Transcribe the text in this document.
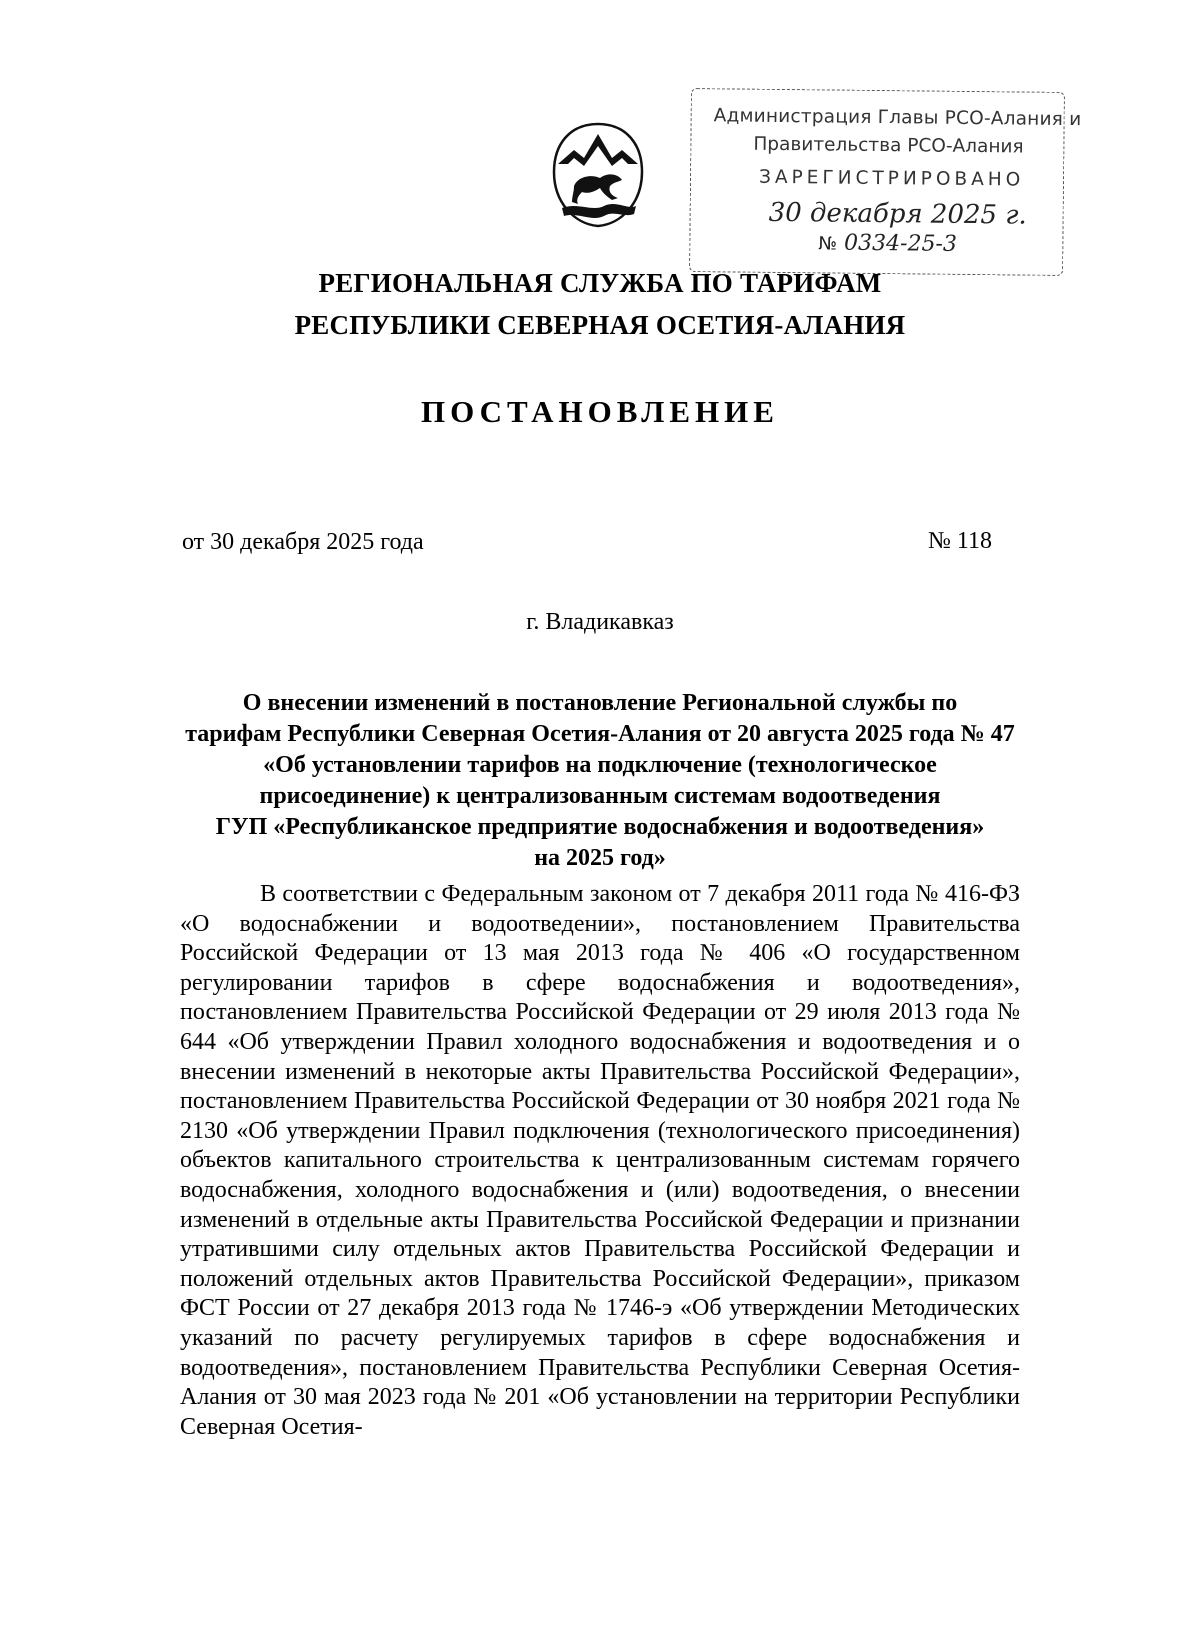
Администрация Главы РСО-Алания и
Правительства РСО-Алания
ЗАРЕГИСТРИРОВАНО
30 декабря 2025 г.
№ 0334-25-3
РЕГИОНАЛЬНАЯ СЛУЖБА ПО ТАРИФАМ
РЕСПУБЛИКИ СЕВЕРНАЯ ОСЕТИЯ-АЛАНИЯ
ПОСТАНОВЛЕНИЕ
от 30 декабря 2025 года	№ 118
г. Владикавказ
О внесении изменений в постановление Региональной службы по
тарифам Республики Северная Осетия-Алания от 20 августа 2025 года № 47
«Об установлении тарифов на подключение (технологическое
присоединение) к централизованным системам водоотведения
ГУП «Республиканское предприятие водоснабжения и водоотведения»
на 2025 год»

В соответствии с Федеральным законом от 7 декабря 2011 года № 416-ФЗ «О водоснабжении и водоотведении», постановлением Правительства Российской Федерации от 13 мая 2013 года № 406 «О государственном регулировании тарифов в сфере водоснабжения и водоотведения», постановлением Правительства Российской Федерации от 29 июля 2013 года № 644 «Об утверждении Правил холодного водоснабжения и водоотведения и о внесении изменений в некоторые акты Правительства Российской Федерации», постановлением Правительства Российской Федерации от 30 ноября 2021 года № 2130 «Об утверждении Правил подключения (технологического присоединения) объектов капитального строительства к централизованным системам горячего водоснабжения, холодного водоснабжения и (или) водоотведения, о внесении изменений в отдельные акты Правительства Российской Федерации и признании утратившими силу отдельных актов Правительства Российской Федерации и положений отдельных актов Правительства Российской Федерации», приказом ФСТ России от 27 декабря 2013 года № 1746-э «Об утверждении Методических указаний по расчету регулируемых тарифов в сфере водоснабжения и водоотведения», постановлением Правительства Республики Северная Осетия-Алания от 30 мая 2023 года № 201 «Об установлении на территории Республики Северная Осетия-
